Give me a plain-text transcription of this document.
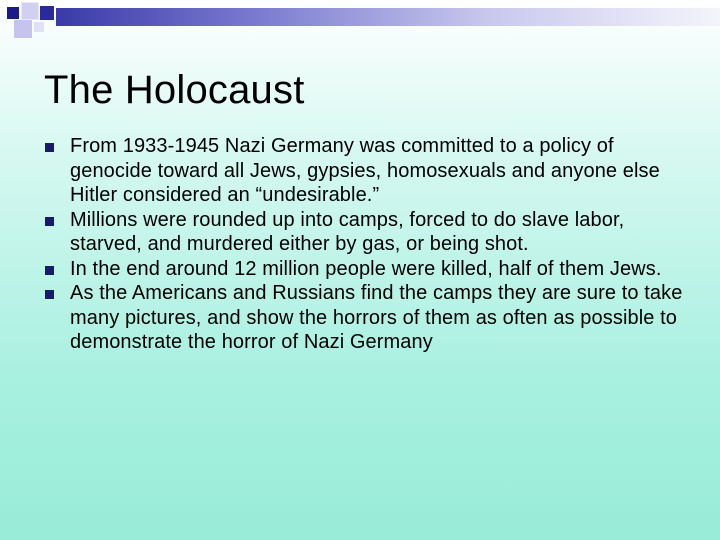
The Holocaust
From 1933-1945 Nazi Germany was committed to a policy of genocide toward all Jews, gypsies, homosexuals and anyone else Hitler considered an “undesirable.”
Millions were rounded up into camps, forced to do slave labor, starved, and murdered either by gas, or being shot.
In the end around 12 million people were killed, half of them Jews.
As the Americans and Russians find the camps they are sure to take many pictures, and show the horrors of them as often as possible to demonstrate the horror of Nazi Germany
